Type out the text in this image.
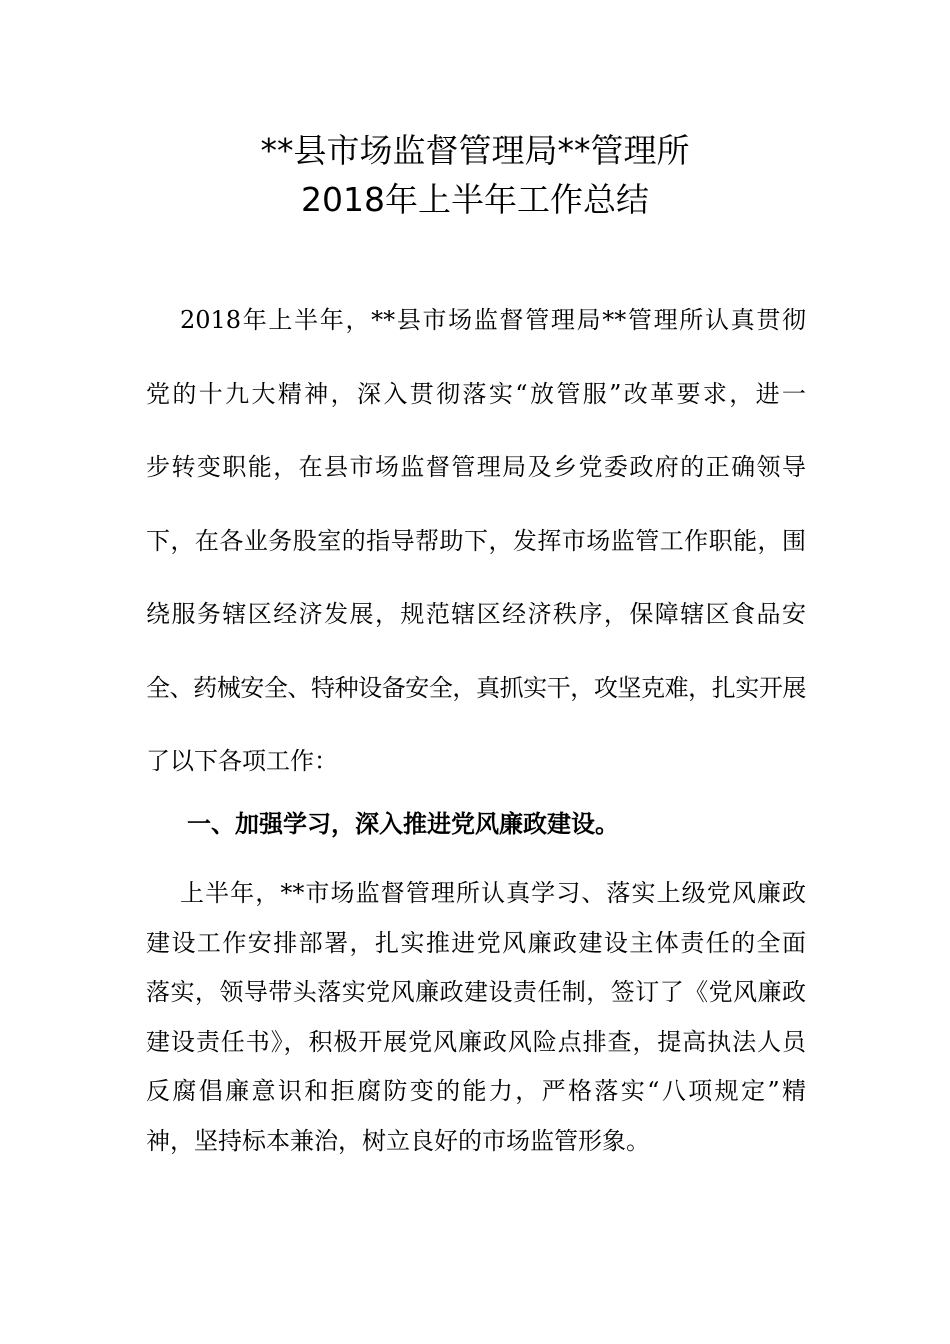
**县市场监督管理局**管理所
2018年上半年工作总结
2018年上半年，**县市场监督管理局**管理所认真贯彻
党的十九大精神，深入贯彻落实“放管服”改革要求，进一
步转变职能，在县市场监督管理局及乡党委政府的正确领导
下，在各业务股室的指导帮助下，发挥市场监管工作职能，围
绕服务辖区经济发展，规范辖区经济秩序，保障辖区食品安
全、药械安全、特种设备安全，真抓实干，攻坚克难，扎实开展
了以下各项工作：
一、加强学习，深入推进党风廉政建设。
上半年，**市场监督管理所认真学习、落实上级党风廉政
建设工作安排部署，扎实推进党风廉政建设主体责任的全面
落实，领导带头落实党风廉政建设责任制，签订了《党风廉政
建设责任书》，积极开展党风廉政风险点排查，提高执法人员
反腐倡廉意识和拒腐防变的能力，严格落实“八项规定”精
神，坚持标本兼治，树立良好的市场监管形象。
